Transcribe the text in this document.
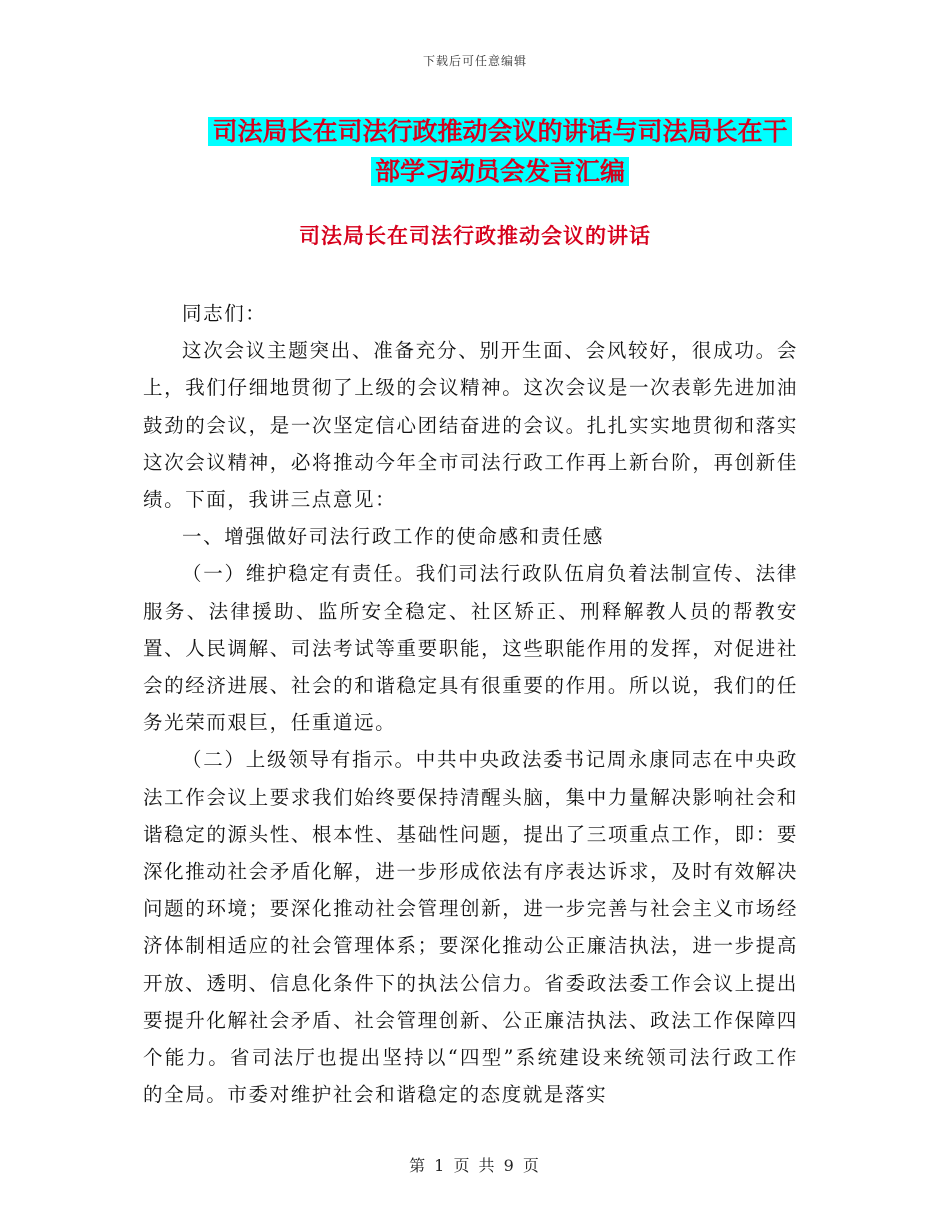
下载后可任意编辑
司法局长在司法行政推动会议的讲话与司法局长在干
部学习动员会发言汇编
司法局长在司法行政推动会议的讲话

同志们：

这次会议主题突出、准备充分、别开生面、会风较好，很成功。会上，我们仔细地贯彻了上级的会议精神。这次会议是一次表彰先进加油鼓劲的会议，是一次坚定信心团结奋进的会议。扎扎实实地贯彻和落实这次会议精神，必将推动今年全市司法行政工作再上新台阶，再创新佳绩。下面，我讲三点意见：

一、增强做好司法行政工作的使命感和责任感

（一）维护稳定有责任。我们司法行政队伍肩负着法制宣传、法律服务、法律援助、监所安全稳定、社区矫正、刑释解教人员的帮教安置、人民调解、司法考试等重要职能，这些职能作用的发挥，对促进社会的经济进展、社会的和谐稳定具有很重要的作用。所以说，我们的任务光荣而艰巨，任重道远。

（二）上级领导有指示。中共中央政法委书记周永康同志在中央政法工作会议上要求我们始终要保持清醒头脑，集中力量解决影响社会和谐稳定的源头性、根本性、基础性问题，提出了三项重点工作，即：要深化推动社会矛盾化解，进一步形成依法有序表达诉求，及时有效解决问题的环境；要深化推动社会管理创新，进一步完善与社会主义市场经济体制相适应的社会管理体系；要深化推动公正廉洁执法，进一步提高开放、透明、信息化条件下的执法公信力。省委政法委工作会议上提出要提升化解社会矛盾、社会管理创新、公正廉洁执法、政法工作保障四个能力。省司法厅也提出坚持以“四型”系统建设来统领司法行政工作的全局。市委对维护社会和谐稳定的态度就是落实

第 1 页 共 9 页
